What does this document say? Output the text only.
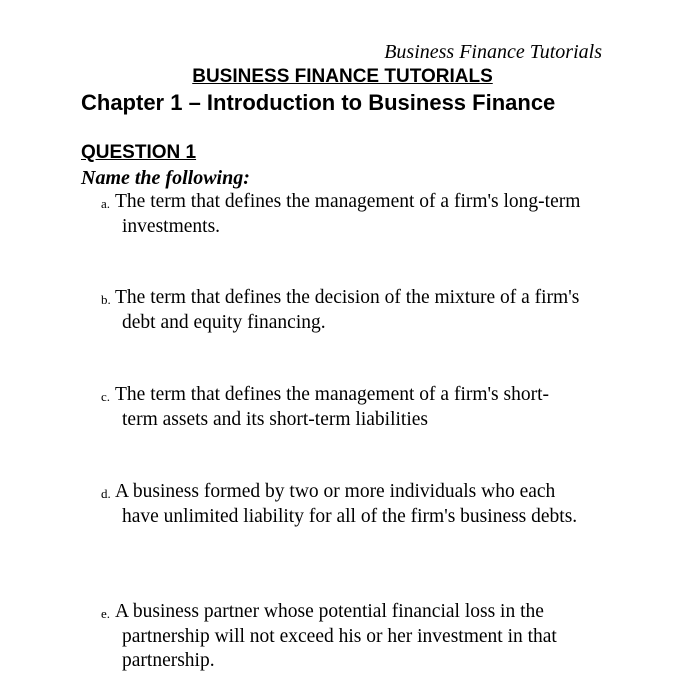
Business Finance Tutorials
BUSINESS FINANCE TUTORIALS
Chapter 1 – Introduction to Business Finance
QUESTION 1
Name the following:
a. The term that defines the management of a firm's long-term investments.
b. The term that defines the decision of the mixture of a firm's debt and equity financing.
c. The term that defines the management of a firm's short-term assets and its short-term liabilities
d. A business formed by two or more individuals who each have unlimited liability for all of the firm's business debts.
e. A business partner whose potential financial loss in the partnership will not exceed his or her investment in that partnership.
